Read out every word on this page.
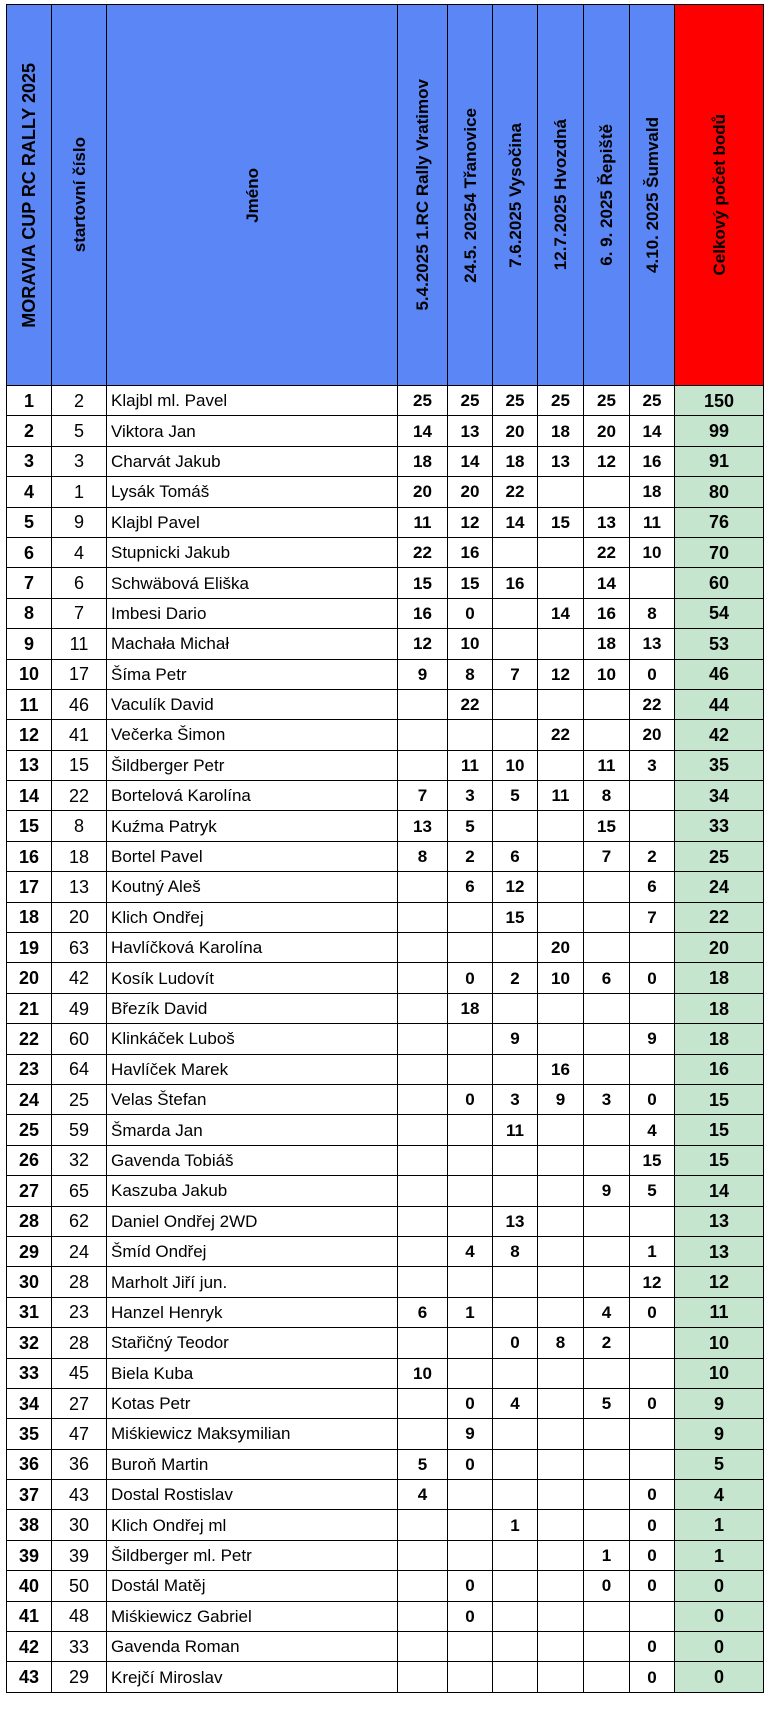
MORAVIA CUP RC RALLY 2025	startovní číslo	Jméno	5.4.2025 1.RC Rally Vratimov	24.5. 20254 Třanovice	7.6.2025 Vysočina	12.7.2025 Hvozdná	6. 9. 2025 Řepiště	4.10. 2025 Šumvald	Celkový počet bodů

1	2	Klajbl ml. Pavel	25	25	25	25	25	25	150
2	5	Viktora Jan	14	13	20	18	20	14	99
3	3	Charvát Jakub	18	14	18	13	12	16	91
4	1	Lysák Tomáš	20	20	22			18	80
5	9	Klajbl Pavel	11	12	14	15	13	11	76
6	4	Stupnicki Jakub	22	16			22	10	70
7	6	Schwäbová Eliška	15	15	16		14		60
8	7	Imbesi Dario	16	0		14	16	8	54
9	11	Machała Michał	12	10			18	13	53
10	17	Šíma Petr	9	8	7	12	10	0	46
11	46	Vaculík David		22				22	44
12	41	Večerka Šimon				22		20	42
13	15	Šildberger Petr		11	10		11	3	35
14	22	Bortelová Karolína	7	3	5	11	8		34
15	8	Kuźma Patryk	13	5			15		33
16	18	Bortel Pavel	8	2	6		7	2	25
17	13	Koutný Aleš		6	12			6	24
18	20	Klich Ondřej			15			7	22
19	63	Havlíčková Karolína				20			20
20	42	Kosík Ludovít		0	2	10	6	0	18
21	49	Březík David		18					18
22	60	Klinkáček Luboš			9			9	18
23	64	Havlíček Marek				16			16
24	25	Velas Štefan		0	3	9	3	0	15
25	59	Šmarda Jan			11			4	15
26	32	Gavenda Tobiáš						15	15
27	65	Kaszuba Jakub					9	5	14
28	62	Daniel Ondřej 2WD			13				13
29	24	Šmíd Ondřej		4	8			1	13
30	28	Marholt Jiří jun.						12	12
31	23	Hanzel Henryk	6	1			4	0	11
32	28	Stařičný Teodor			0	8	2		10
33	45	Biela Kuba	10						10
34	27	Kotas Petr		0	4		5	0	9
35	47	Miśkiewicz Maksymilian		9					9
36	36	Buroň Martin	5	0					5
37	43	Dostal Rostislav	4					0	4
38	30	Klich Ondřej ml			1			0	1
39	39	Šildberger ml. Petr					1	0	1
40	50	Dostál Matěj		0			0	0	0
41	48	Miśkiewicz Gabriel		0					0
42	33	Gavenda Roman						0	0
43	29	Krejčí Miroslav						0	0
